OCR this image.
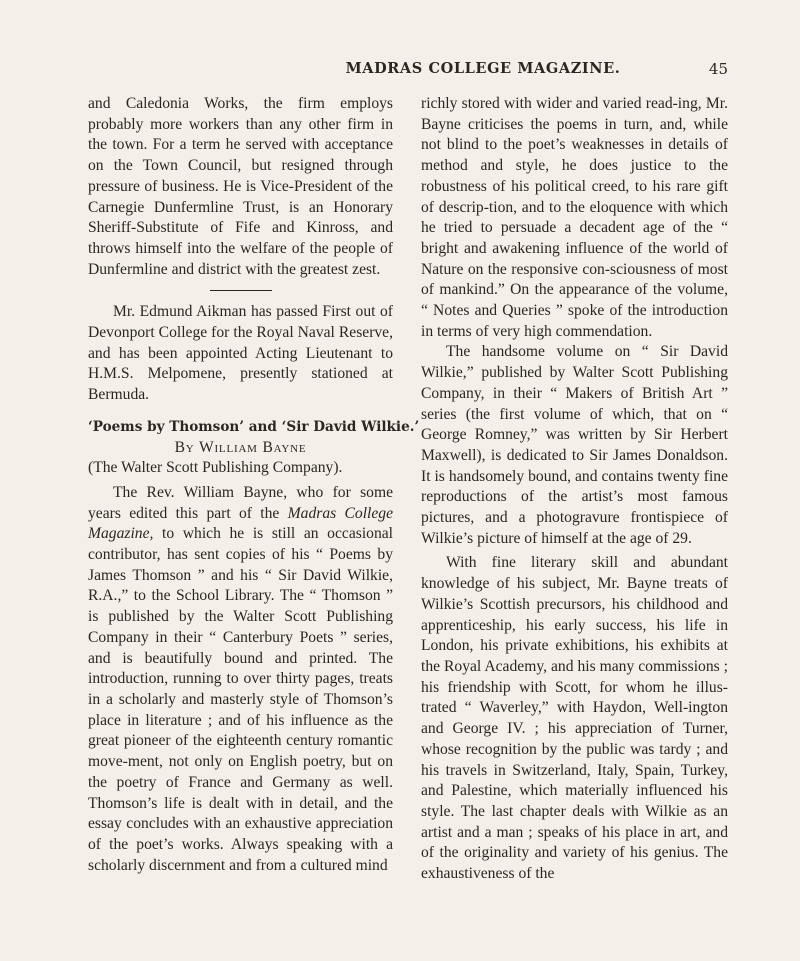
MADRAS COLLEGE MAGAZINE.	45

and Caledonia Works, the firm employs probably more workers than any other firm in the town. For a term he served with acceptance on the Town Council, but resigned through pressure of business. He is Vice-President of the Carnegie Dunfermline Trust, is an Honorary Sheriff-Substitute of Fife and Kinross, and throws himself into the welfare of the people of Dunfermline and district with the greatest zest.

Mr. Edmund Aikman has passed First out of Devonport College for the Royal Naval Reserve, and has been appointed Acting Lieutenant to H.M.S. Melpomene, presently stationed at Bermuda.

‘Poems by Thomson’ and ‘Sir David Wilkie.’

By William Bayne

(The Walter Scott Publishing Company).

The Rev. William Bayne, who for some years edited this part of the Madras College Magazine, to which he is still an occasional contributor, has sent copies of his “ Poems by James Thomson ” and his “ Sir David Wilkie, R.A.,” to the School Library. The “ Thomson ” is published by the Walter Scott Publishing Company in their “ Canterbury Poets ” series, and is beautifully bound and printed. The introduction, running to over thirty pages, treats in a scholarly and masterly style of Thomson’s place in literature ; and of his influence as the great pioneer of the eighteenth century romantic move-ment, not only on English poetry, but on the poetry of France and Germany as well. Thomson’s life is dealt with in detail, and the essay concludes with an exhaustive appreciation of the poet’s works. Always speaking with a scholarly discernment and from a cultured mind

richly stored with wider and varied read-ing, Mr. Bayne criticises the poems in turn, and, while not blind to the poet’s weaknesses in details of method and style, he does justice to the robustness of his political creed, to his rare gift of descrip-tion, and to the eloquence with which he tried to persuade a decadent age of the “ bright and awakening influence of the world of Nature on the responsive con-sciousness of most of mankind.” On the appearance of the volume, “ Notes and Queries ” spoke of the introduction in terms of very high commendation.

The handsome volume on “ Sir David Wilkie,” published by Walter Scott Publishing Company, in their “ Makers of British Art ” series (the first volume of which, that on “ George Romney,” was written by Sir Herbert Maxwell), is dedicated to Sir James Donaldson. It is handsomely bound, and contains twenty fine reproductions of the artist’s most famous pictures, and a photogravure frontispiece of Wilkie’s picture of himself at the age of 29.

With fine literary skill and abundant knowledge of his subject, Mr. Bayne treats of Wilkie’s Scottish precursors, his childhood and apprenticeship, his early success, his life in London, his private exhibitions, his exhibits at the Royal Academy, and his many commissions ; his friendship with Scott, for whom he illus-trated “ Waverley,” with Haydon, Well-ington and George IV. ; his appreciation of Turner, whose recognition by the public was tardy ; and his travels in Switzerland, Italy, Spain, Turkey, and Palestine, which materially influenced his style. The last chapter deals with Wilkie as an artist and a man ; speaks of his place in art, and of the originality and variety of his genius. The exhaustiveness of the
